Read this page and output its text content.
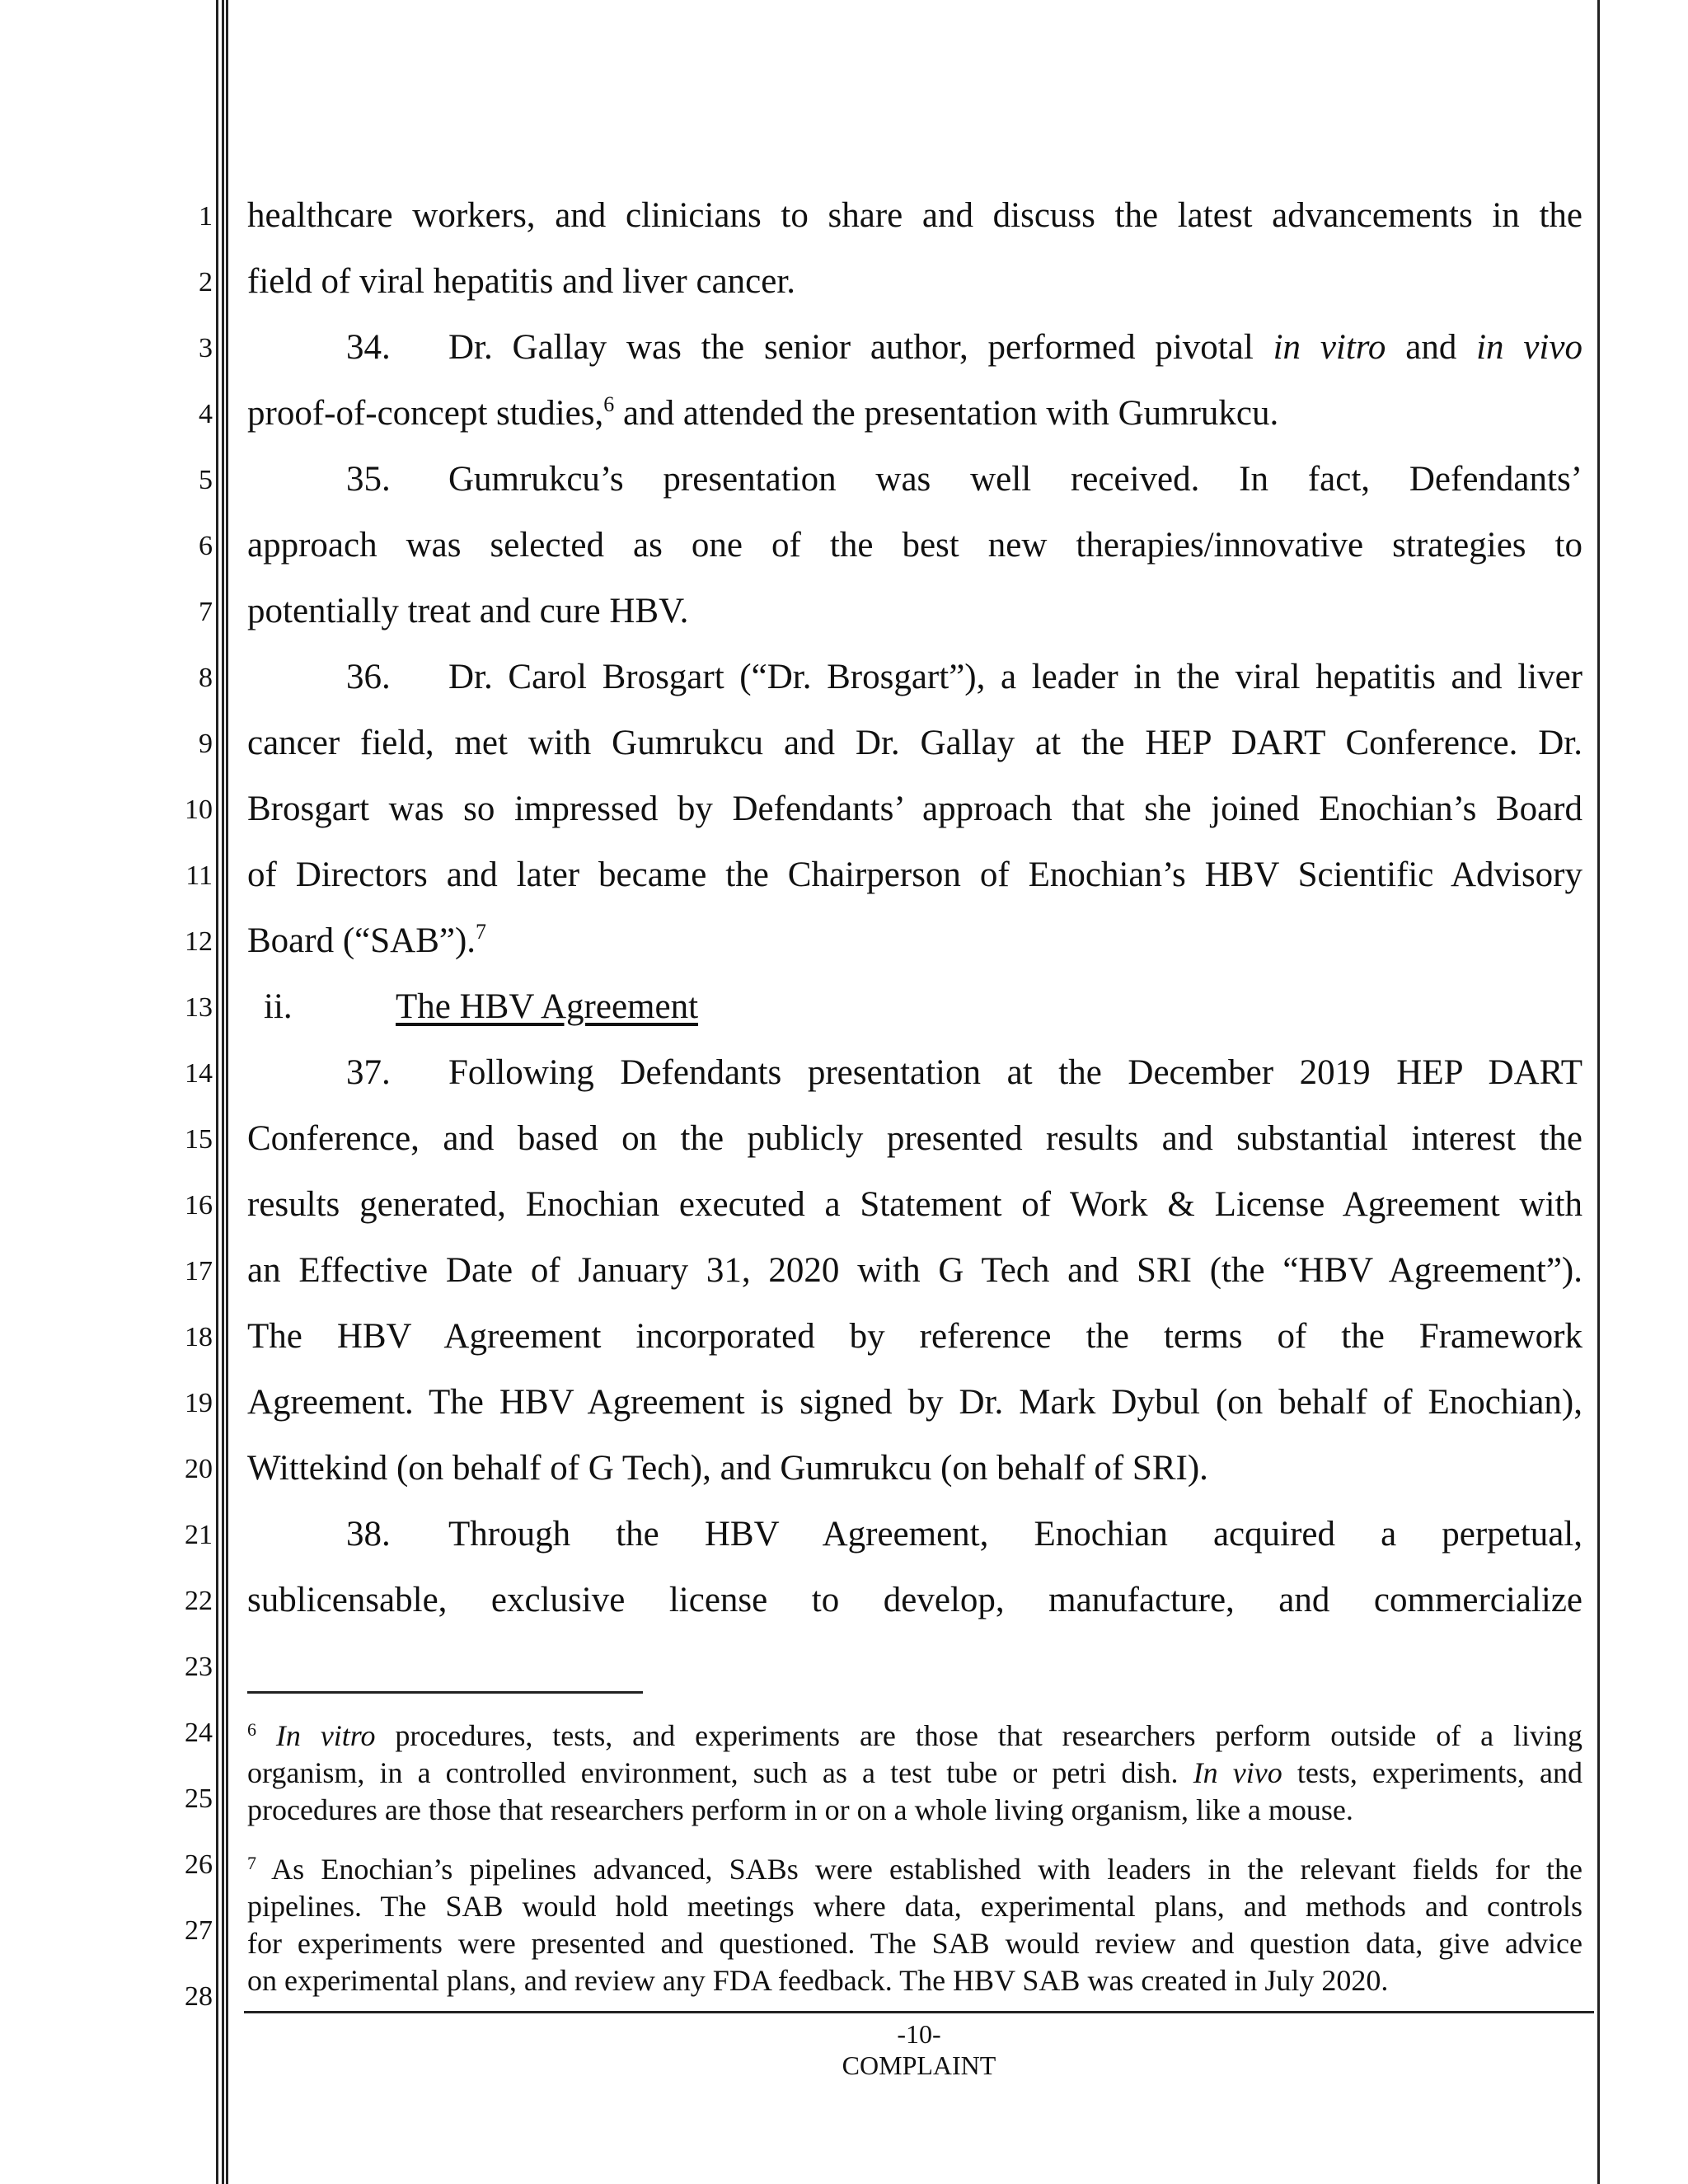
1
2
3
4
5
6
7
8
9
10
11
12
13
14
15
16
17
18
19
20
21
22
23
24
25
26
27
28
healthcare workers, and clinicians to share and discuss the latest advancements in the
field of viral hepatitis and liver cancer.
34. Dr. Gallay was the senior author, performed pivotal in vitro and in vivo
proof-of-concept studies,$^6$ and attended the presentation with Gumrukcu.
35. Gumrukcu’s presentation was well received. In fact, Defendants’
approach was selected as one of the best new therapies/innovative strategies to
potentially treat and cure HBV.
36. Dr. Carol Brosgart (“Dr. Brosgart”), a leader in the viral hepatitis and liver
cancer field, met with Gumrukcu and Dr. Gallay at the HEP DART Conference. Dr.
Brosgart was so impressed by Defendants’ approach that she joined Enochian’s Board
of Directors and later became the Chairperson of Enochian’s HBV Scientific Advisory
Board (“SAB”).$^7$
ii.	The HBV Agreement
37. Following Defendants presentation at the December 2019 HEP DART
Conference, and based on the publicly presented results and substantial interest the
results generated, Enochian executed a Statement of Work & License Agreement with
an Effective Date of January 31, 2020 with G Tech and SRI (the “HBV Agreement”).
The HBV Agreement incorporated by reference the terms of the Framework
Agreement. The HBV Agreement is signed by Dr. Mark Dybul (on behalf of Enochian),
Wittekind (on behalf of G Tech), and Gumrukcu (on behalf of SRI).
38. Through the HBV Agreement, Enochian acquired a perpetual,
sublicensable, exclusive license to develop, manufacture, and commercialize
$^6$ In vitro procedures, tests, and experiments are those that researchers perform outside of a living
organism, in a controlled environment, such as a test tube or petri dish. In vivo tests, experiments, and
procedures are those that researchers perform in or on a whole living organism, like a mouse.
$^7$ As Enochian’s pipelines advanced, SABs were established with leaders in the relevant fields for the
pipelines. The SAB would hold meetings where data, experimental plans, and methods and controls
for experiments were presented and questioned. The SAB would review and question data, give advice
on experimental plans, and review any FDA feedback. The HBV SAB was created in July 2020.
-10-
COMPLAINT
